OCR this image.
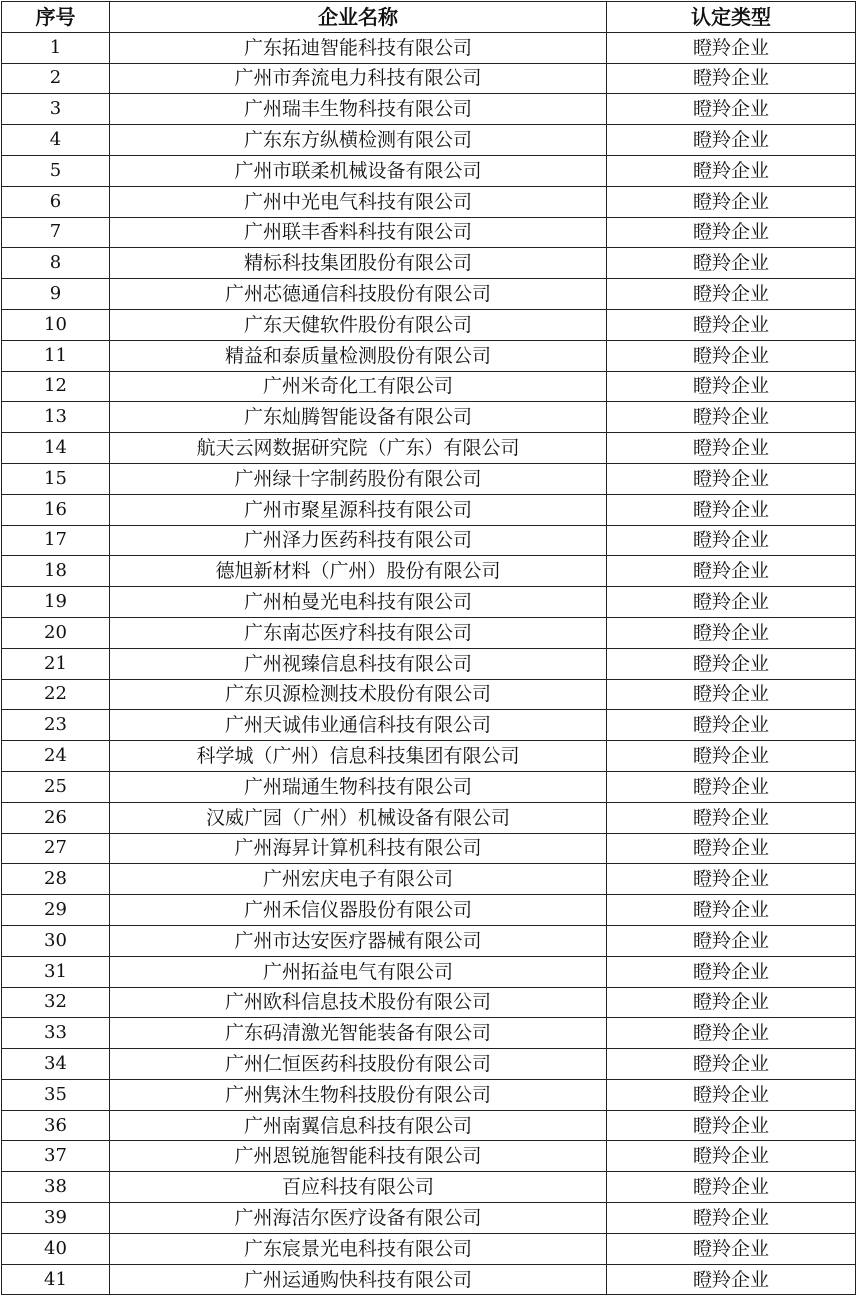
序号	企业名称	认定类型
1	广东拓迪智能科技有限公司	瞪羚企业
2	广州市奔流电力科技有限公司	瞪羚企业
3	广州瑞丰生物科技有限公司	瞪羚企业
4	广东东方纵横检测有限公司	瞪羚企业
5	广州市联柔机械设备有限公司	瞪羚企业
6	广州中光电气科技有限公司	瞪羚企业
7	广州联丰香料科技有限公司	瞪羚企业
8	精标科技集团股份有限公司	瞪羚企业
9	广州芯德通信科技股份有限公司	瞪羚企业
10	广东天健软件股份有限公司	瞪羚企业
11	精益和泰质量检测股份有限公司	瞪羚企业
12	广州米奇化工有限公司	瞪羚企业
13	广东灿腾智能设备有限公司	瞪羚企业
14	航天云网数据研究院（广东）有限公司	瞪羚企业
15	广州绿十字制药股份有限公司	瞪羚企业
16	广州市聚星源科技有限公司	瞪羚企业
17	广州泽力医药科技有限公司	瞪羚企业
18	德旭新材料（广州）股份有限公司	瞪羚企业
19	广州柏曼光电科技有限公司	瞪羚企业
20	广东南芯医疗科技有限公司	瞪羚企业
21	广州视臻信息科技有限公司	瞪羚企业
22	广东贝源检测技术股份有限公司	瞪羚企业
23	广州天诚伟业通信科技有限公司	瞪羚企业
24	科学城（广州）信息科技集团有限公司	瞪羚企业
25	广州瑞通生物科技有限公司	瞪羚企业
26	汉威广园（广州）机械设备有限公司	瞪羚企业
27	广州海昇计算机科技有限公司	瞪羚企业
28	广州宏庆电子有限公司	瞪羚企业
29	广州禾信仪器股份有限公司	瞪羚企业
30	广州市达安医疗器械有限公司	瞪羚企业
31	广州拓益电气有限公司	瞪羚企业
32	广州欧科信息技术股份有限公司	瞪羚企业
33	广东码清激光智能装备有限公司	瞪羚企业
34	广州仁恒医药科技股份有限公司	瞪羚企业
35	广州隽沐生物科技股份有限公司	瞪羚企业
36	广州南翼信息科技有限公司	瞪羚企业
37	广州恩锐施智能科技有限公司	瞪羚企业
38	百应科技有限公司	瞪羚企业
39	广州海洁尔医疗设备有限公司	瞪羚企业
40	广东宸景光电科技有限公司	瞪羚企业
41	广州运通购快科技有限公司	瞪羚企业
